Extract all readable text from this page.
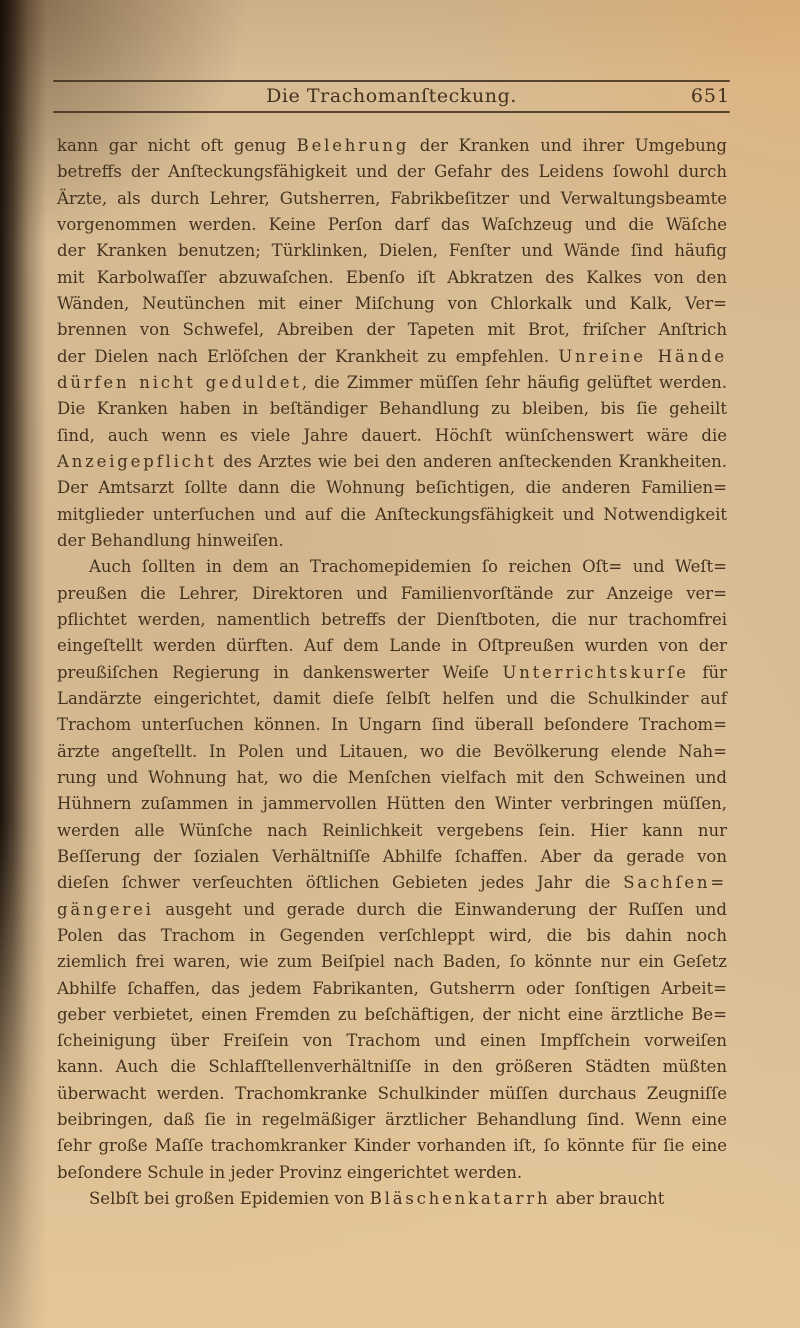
Die Trachomanſteckung.	651
kann gar nicht oft genug Belehrung der Kranken und ihrer Umgebung
betreffs der Anſteckungsfähigkeit und der Gefahr des Leidens ſowohl durch
Ärzte, als durch Lehrer, Gutsherren, Fabrikbeſitzer und Verwaltungsbeamte
vorgenommen werden. Keine Perſon darf das Waſchzeug und die Wäſche
der Kranken benutzen; Türklinken, Dielen, Fenſter und Wände ſind häufig
mit Karbolwaſſer abzuwaſchen. Ebenſo iſt Abkratzen des Kalkes von den
Wänden, Neutünchen mit einer Miſchung von Chlorkalk und Kalk, Ver=
brennen von Schwefel, Abreiben der Tapeten mit Brot, friſcher Anſtrich
der Dielen nach Erlöſchen der Krankheit zu empfehlen. Unreine Hände
dürfen nicht geduldet, die Zimmer müſſen ſehr häufig gelüftet werden.
Die Kranken haben in beſtändiger Behandlung zu bleiben, bis ſie geheilt
ſind, auch wenn es viele Jahre dauert. Höchſt wünſchenswert wäre die
Anzeigepflicht des Arztes wie bei den anderen anſteckenden Krankheiten.
Der Amtsarzt ſollte dann die Wohnung beſichtigen, die anderen Familien=
mitglieder unterſuchen und auf die Anſteckungsfähigkeit und Notwendigkeit
der Behandlung hinweiſen.
Auch ſollten in dem an Trachomepidemien ſo reichen Oſt= und Weſt=
preußen die Lehrer, Direktoren und Familienvorſtände zur Anzeige ver=
pflichtet werden, namentlich betreffs der Dienſtboten, die nur trachomfrei
eingeſtellt werden dürften. Auf dem Lande in Oſtpreußen wurden von der
preußiſchen Regierung in dankenswerter Weiſe Unterrichtskurſe für
Landärzte eingerichtet, damit dieſe ſelbſt helfen und die Schulkinder auf
Trachom unterſuchen können. In Ungarn ſind überall beſondere Trachom=
ärzte angeſtellt. In Polen und Litauen, wo die Bevölkerung elende Nah=
rung und Wohnung hat, wo die Menſchen vielfach mit den Schweinen und
Hühnern zuſammen in jammervollen Hütten den Winter verbringen müſſen,
werden alle Wünſche nach Reinlichkeit vergebens ſein. Hier kann nur
Beſſerung der ſozialen Verhältniſſe Abhilfe ſchaffen. Aber da gerade von
dieſen ſchwer verſeuchten öſtlichen Gebieten jedes Jahr die Sachſen=
gängerei ausgeht und gerade durch die Einwanderung der Ruſſen und
Polen das Trachom in Gegenden verſchleppt wird, die bis dahin noch
ziemlich frei waren, wie zum Beiſpiel nach Baden, ſo könnte nur ein Geſetz
Abhilfe ſchaffen, das jedem Fabrikanten, Gutsherrn oder ſonſtigen Arbeit=
geber verbietet, einen Fremden zu beſchäftigen, der nicht eine ärztliche Be=
ſcheinigung über Freiſein von Trachom und einen Impfſchein vorweiſen
kann. Auch die Schlafſtellenverhältniſſe in den größeren Städten müßten
überwacht werden. Trachomkranke Schulkinder müſſen durchaus Zeugniſſe
beibringen, daß ſie in regelmäßiger ärztlicher Behandlung ſind. Wenn eine
ſehr große Maſſe trachomkranker Kinder vorhanden iſt, ſo könnte für ſie eine
beſondere Schule in jeder Provinz eingerichtet werden.
Selbſt bei großen Epidemien von Bläschenkatarrh aber braucht
